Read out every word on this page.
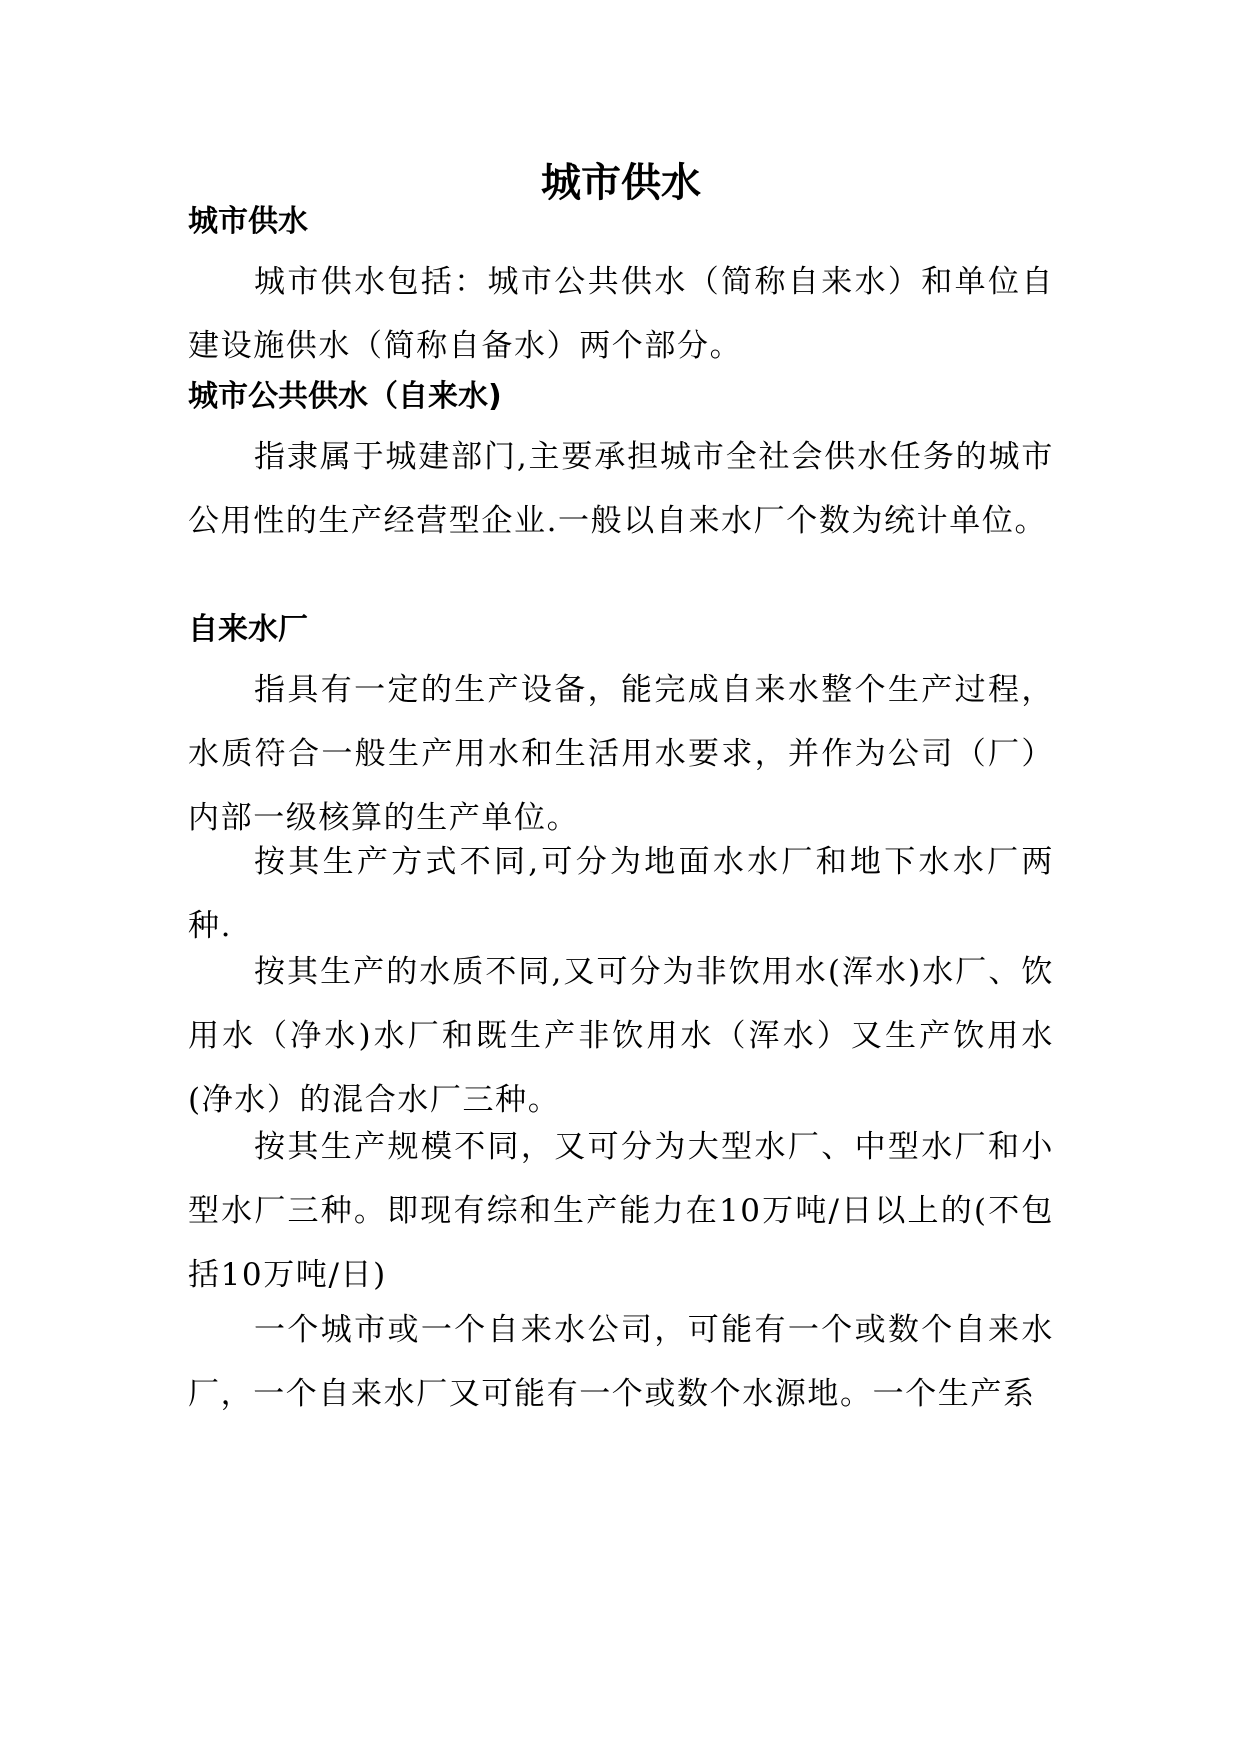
城市供水
城市供水

城市供水包括：城市公共供水（简称自来水）和单位自建设施供水（简称自备水）两个部分。

城市公共供水（自来水)

指隶属于城建部门,主要承担城市全社会供水任务的城市公用性的生产经营型企业.一般以自来水厂个数为统计单位。

自来水厂

指具有一定的生产设备，能完成自来水整个生产过程，水质符合一般生产用水和生活用水要求，并作为公司（厂）内部一级核算的生产单位。

按其生产方式不同,可分为地面水水厂和地下水水厂两种.

按其生产的水质不同,又可分为非饮用水(浑水)水厂、饮用水（净水)水厂和既生产非饮用水（浑水）又生产饮用水(净水）的混合水厂三种。

按其生产规模不同，又可分为大型水厂、中型水厂和小型水厂三种。即现有综和生产能力在10万吨/日以上的(不包括10万吨/日)

一个城市或一个自来水公司，可能有一个或数个自来水厂，一个自来水厂又可能有一个或数个水源地。一个生产系
